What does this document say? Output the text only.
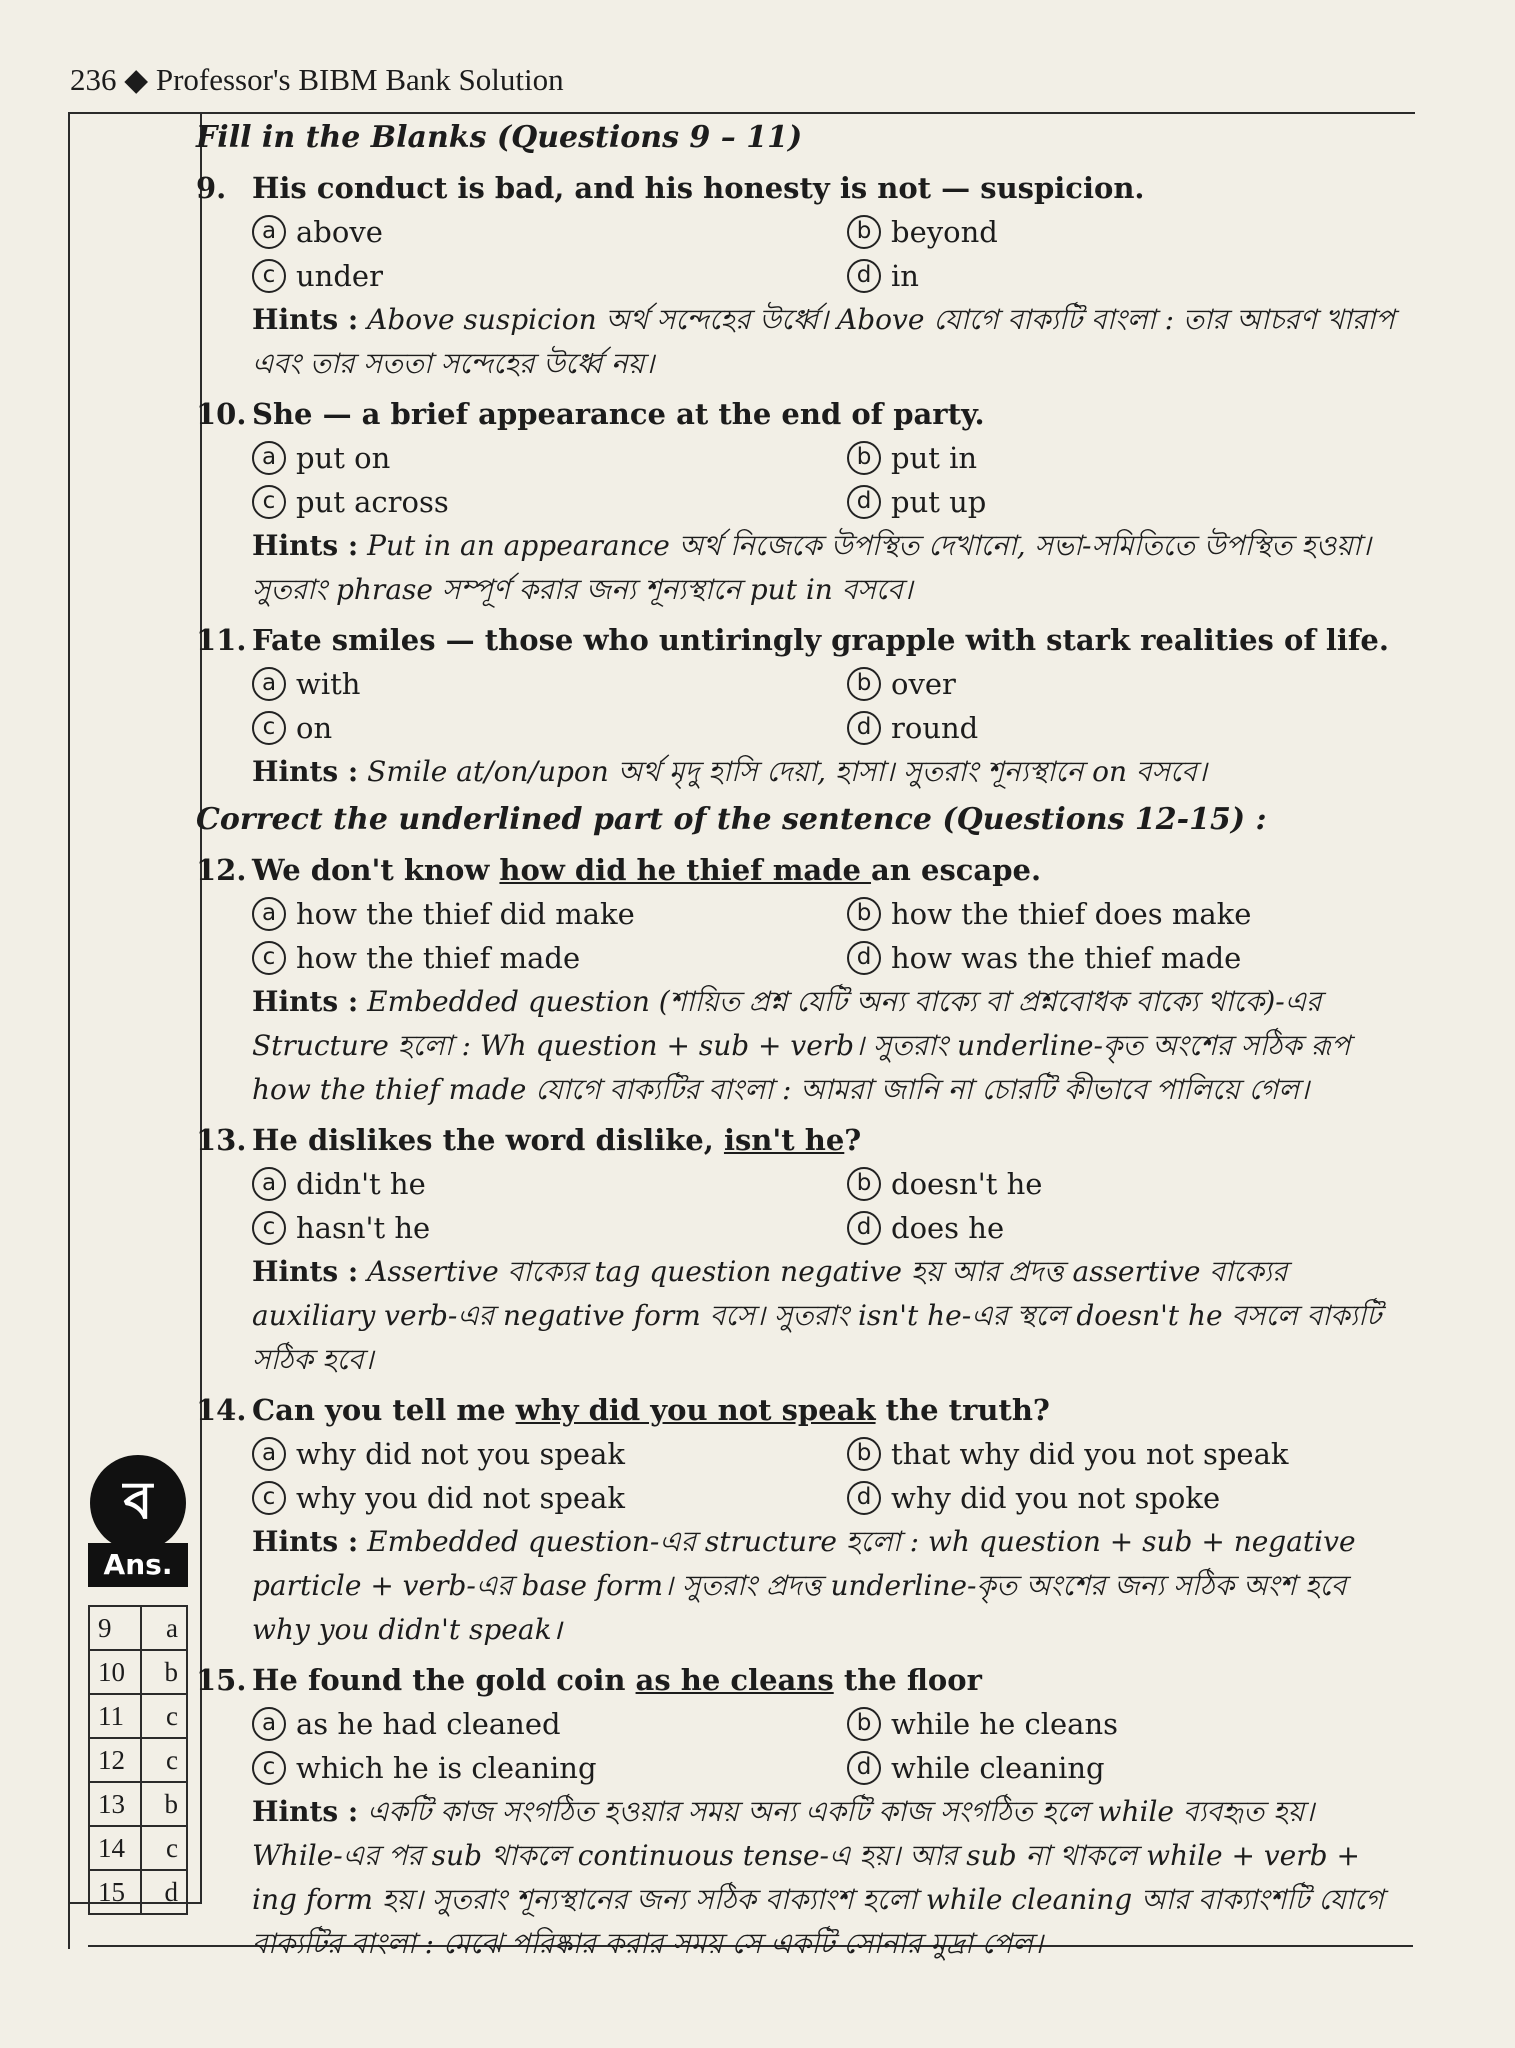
236 ◆ Professor's BIBM Bank Solution
ব
Ans.
9	a
10	b
11	c
12	c
13	b
14	c
15	d
Fill in the Blanks (Questions 9 – 11)
9. His conduct is bad, and his honesty is not — suspicion.
a above	b beyond
c under	d in
Hints : Above suspicion অর্থ সন্দেহের উর্ধ্বে। Above যোগে বাক্যটি বাংলা : তার আচরণ খারাপ এবং তার সততা সন্দেহের উর্ধ্বে নয়।
10. She — a brief appearance at the end of party.
a put on	b put in
c put across	d put up
Hints : Put in an appearance অর্থ নিজেকে উপস্থিত দেখানো, সভা-সমিতিতে উপস্থিত হওয়া। সুতরাং phrase সম্পূর্ণ করার জন্য শূন্যস্থানে put in বসবে।
11. Fate smiles — those who untiringly grapple with stark realities of life.
a with	b over
c on	d round
Hints : Smile at/on/upon অর্থ মৃদু হাসি দেয়া, হাসা। সুতরাং শূন্যস্থানে on বসবে।
Correct the underlined part of the sentence (Questions 12-15) :
12. We don't know how did he thief made an escape.
a how the thief did make	b how the thief does make
c how the thief made	d how was the thief made
Hints : Embedded question (শায়িত প্রশ্ন যেটি অন্য বাক্যে বা প্রশ্নবোধক বাক্যে থাকে)-এর Structure হলো : Wh question + sub + verb। সুতরাং underline-কৃত অংশের সঠিক রূপ how the thief made যোগে বাক্যটির বাংলা : আমরা জানি না চোরটি কীভাবে পালিয়ে গেল।
13. He dislikes the word dislike, isn't he?
a didn't he	b doesn't he
c hasn't he	d does he
Hints : Assertive বাক্যের tag question negative হয় আর প্রদত্ত assertive বাক্যের auxiliary verb-এর negative form বসে। সুতরাং isn't he-এর স্থলে doesn't he বসলে বাক্যটি সঠিক হবে।
14. Can you tell me why did you not speak the truth?
a why did not you speak	b that why did you not speak
c why you did not speak	d why did you not spoke
Hints : Embedded question-এর structure হলো : wh question + sub + negative particle + verb-এর base form। সুতরাং প্রদত্ত underline-কৃত অংশের জন্য সঠিক অংশ হবে why you didn't speak।
15. He found the gold coin as he cleans the floor
a as he had cleaned	b while he cleans
c which he is cleaning	d while cleaning
Hints : একটি কাজ সংগঠিত হওয়ার সময় অন্য একটি কাজ সংগঠিত হলে while ব্যবহৃত হয়। While-এর পর sub থাকলে continuous tense-এ হয়। আর sub না থাকলে while + verb + ing form হয়। সুতরাং শূন্যস্থানের জন্য সঠিক বাক্যাংশ হলো while cleaning আর বাক্যাংশটি যোগে বাক্যটির বাংলা : মেঝে পরিষ্কার করার সময় সে একটি সোনার মুদ্রা পেল।
